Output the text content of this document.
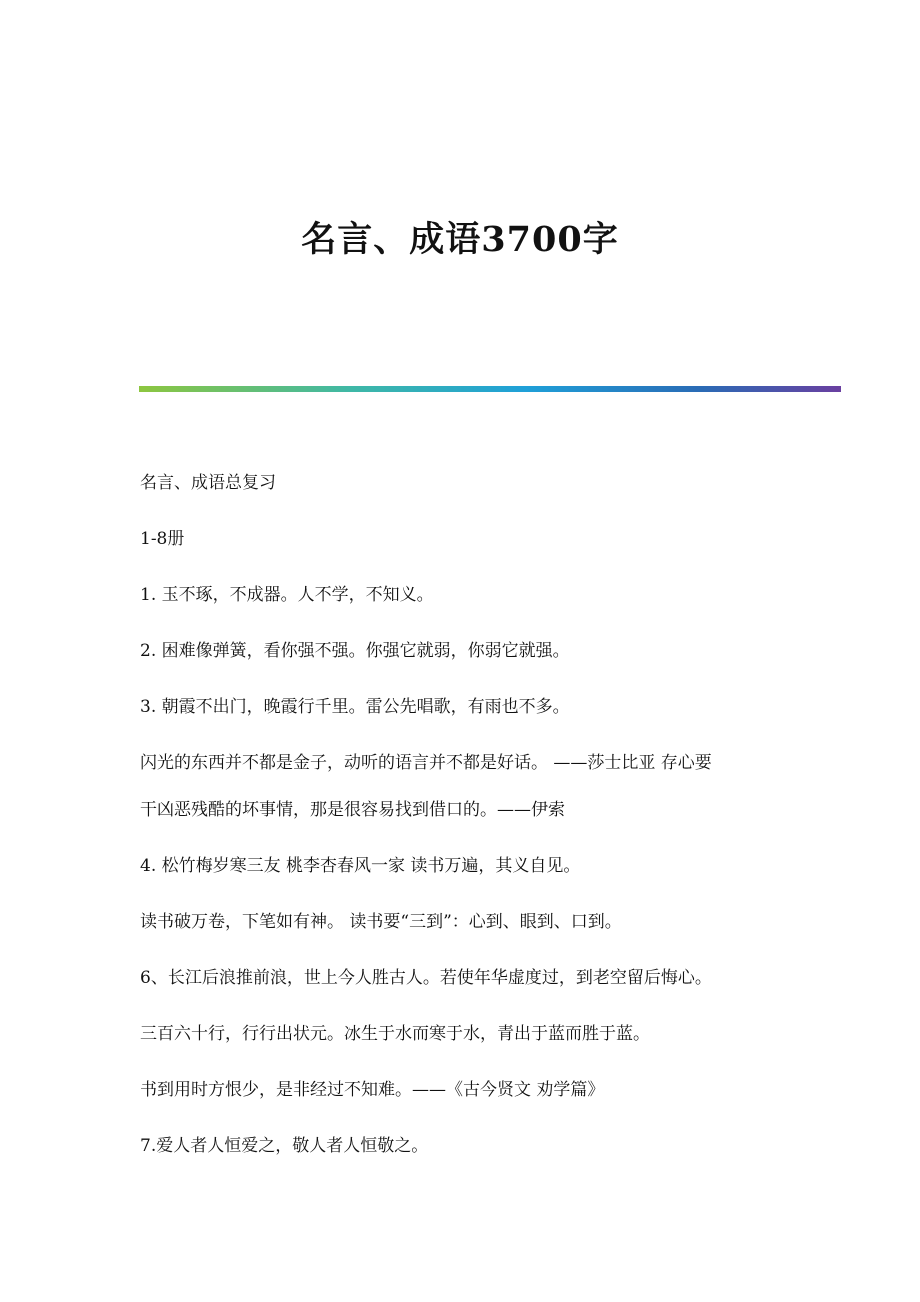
名言、成语3700字

名言、成语总复习

1-8册

1. 玉不琢，不成器。人不学，不知义。

2. 困难像弹簧，看你强不强。你强它就弱，你弱它就强。

3. 朝霞不出门，晚霞行千里。雷公先唱歌，有雨也不多。

闪光的东西并不都是金子，动听的语言并不都是好话。 ——莎士比亚 存心要

干凶恶残酷的坏事情，那是很容易找到借口的。——伊索

4. 松竹梅岁寒三友 桃李杏春风一家 读书万遍，其义自见。

读书破万卷，下笔如有神。 读书要“三到”：心到、眼到、口到。

6、长江后浪推前浪，世上今人胜古人。若使年华虚度过，到老空留后悔心。

三百六十行，行行出状元。冰生于水而寒于水，青出于蓝而胜于蓝。

书到用时方恨少，是非经过不知难。——《古今贤文 劝学篇》

7.爱人者人恒爱之，敬人者人恒敬之。
